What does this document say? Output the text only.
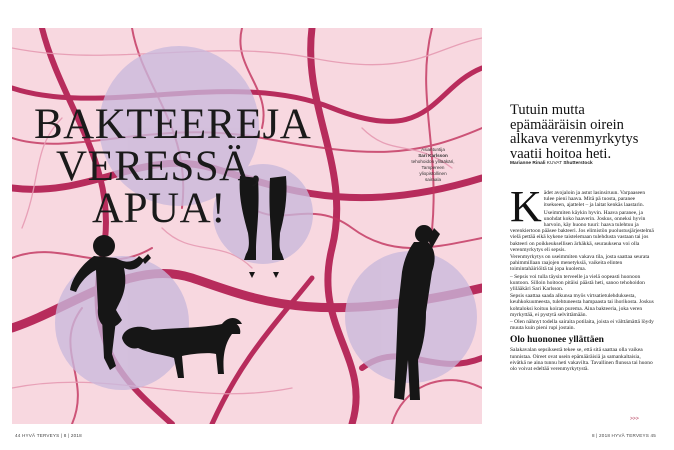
BAKTEEREJA
VERESSÄ,
APUA!
Asiantuntija
Sari Karlsson
tehohoidon ylilääkäri,
Tampereen
yliopistollinen
sairaala
Tutuin mutta
epämääräisin oirein
alkava verenmyrkytys
vaatii hoitoa heti.
Marianne Rinali KUVAT Shutterstock

Kädet avojaloin ja astut lasinsiruun. Varpaaseen tulee pieni haava. Mitä pä tuosta, paranee itsekseen, ajattelet – ja laitat kenkäs laastarin.

Useimmiten käykin hyvin. Haava paranee, ja unohdat koko haaverin. Joskus, onneksi hyvin harvoin, käy huono tuuri: haava tulehtuu ja verenkiertoon pääsee bakteeri. Jos elimistön puolustusjärjestelmä vielä pettää eikä kykene taistelemaan tulehdusta vastaan tai jos bakteeri on poikkeuksellisen ärhäkkä, seurauksena voi olla verenmyrkytys eli sepsis.

Verenmyrkytys on useimmiten vakava tila, josta saattaa seurata pahimmillaan raajojen menetyksiä, vaikeita elinten toimintahäiriöitä tai jopa kuolema.

– Sepsis voi tulla täysin terveelle ja vielä oopeasti huonoon kuntoon. Silloin hoitoon pitäisi päästä heti, sanoo tehohoidon ylilääkäri Sari Karlsson.

Sepsis saattaa saada alkunsa myös virtsatietulehduksesta, keuhkokuumeesta, tulehtuneesta hampaasta tai ihorikosta. Joskus kohtaloksi koituu koiran purema. Aina bakteeria, joka veren myrkyttää, ei pystytä selvittämään.

– Olen nähnyt todella sairaita potilaita, joista ei välttämättä löydy muuta kuin pieni rupi jostain.

Olo huononee yllättäen

Salakavalan sepsiksestä tekee se, että sitä saattaa olla vaikea tunnistaa. Oireet ovat usein epämääräisiä ja samankaltaisia, eivätkä ne aina tunnu heti vakavilta. Tavallinen flunssa tai huono olo voivat edeltää verenmyrkytystä.

>>>
44 HYVÄ TERVEYS | 8 | 2018	8 | 2018 HYVÄ TERVEYS 45
